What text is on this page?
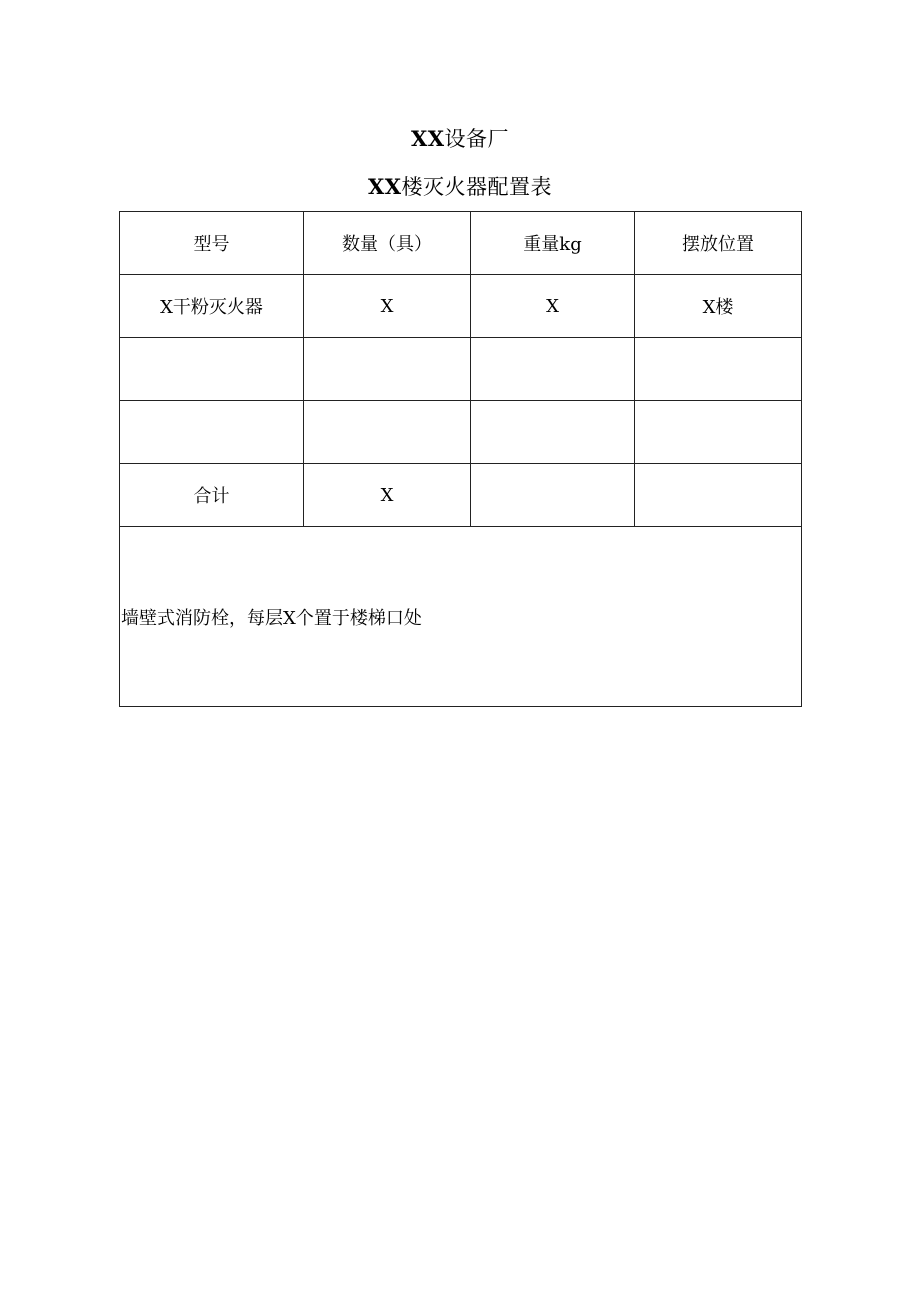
XX设备厂
XX楼灭火器配置表
型号	数量（具）	重量kg	摆放位置
X干粉灭火器	X	X	X楼

合计	X		
墙壁式消防栓，每层X个置于楼梯口处			
